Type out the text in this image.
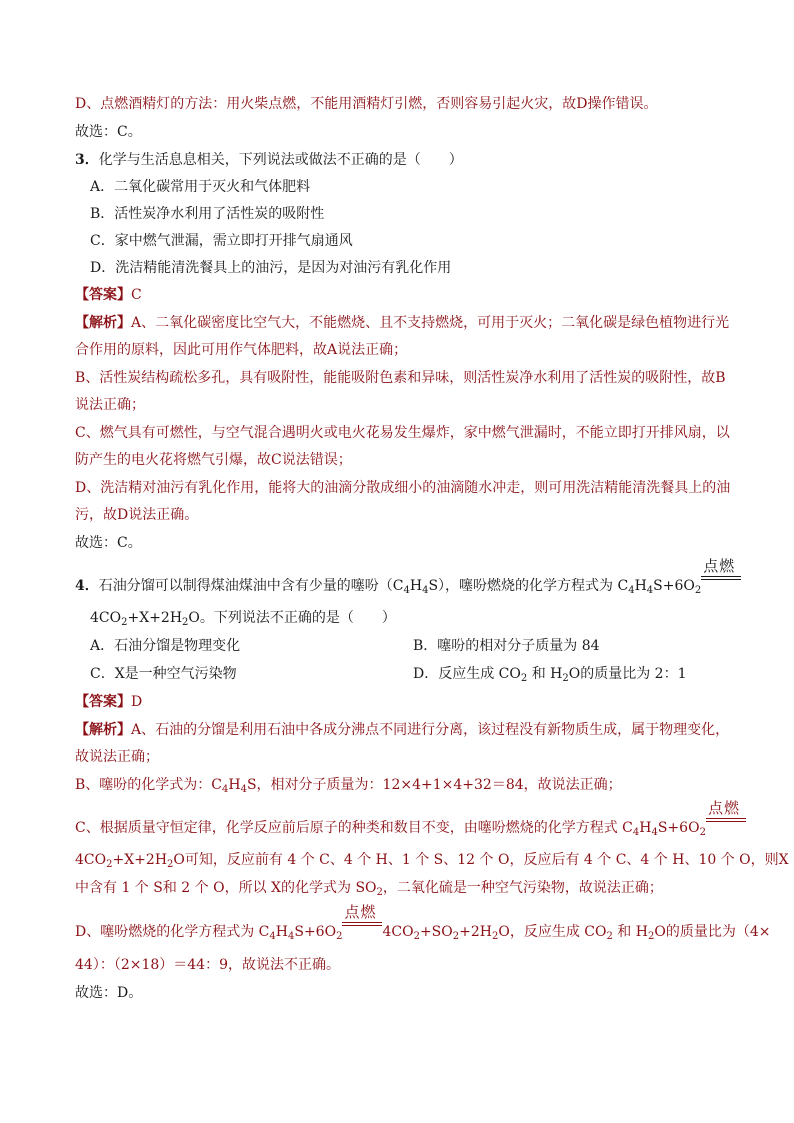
D、点燃酒精灯的方法：用火柴点燃，不能用酒精灯引燃，否则容易引起火灾，故D操作错误。
故选：C。
3．化学与生活息息相关，下列说法或做法不正确的是（　　）
A．二氧化碳常用于灭火和气体肥料
B．活性炭净水利用了活性炭的吸附性
C．家中燃气泄漏，需立即打开排气扇通风
D．洗洁精能清洗餐具上的油污，是因为对油污有乳化作用
【答案】C
【解析】A、二氧化碳密度比空气大，不能燃烧、且不支持燃烧，可用于灭火；二氧化碳是绿色植物进行光
合作用的原料，因此可用作气体肥料，故A说法正确；
B、活性炭结构疏松多孔，具有吸附性，能能吸附色素和异味，则活性炭净水利用了活性炭的吸附性，故B
说法正确；
C、燃气具有可燃性，与空气混合遇明火或电火花易发生爆炸，家中燃气泄漏时，不能立即打开排风扇，以
防产生的电火花将燃气引爆，故C说法错误；
D、洗洁精对油污有乳化作用，能将大的油滴分散成细小的油滴随水冲走，则可用洗洁精能清洗餐具上的油
污，故D说法正确。
故选：C。
4．石油分馏可以制得煤油煤油中含有少量的噻吩$(C_4H_4S)$，噻吩燃烧的化学方程式为 $C_4H_4S+6O_2$
点燃
$4CO_2+X+2H_2O$。下列说法不正确的是（　　）
A．石油分馏是物理变化	B．噻吩的相对分子质量为 84
C．X是一种空气污染物	D．反应生成 $CO_2$ 和 $H_2O$的质量比为 2：1
【答案】D
【解析】A、石油的分馏是利用石油中各成分沸点不同进行分离，该过程没有新物质生成，属于物理变化，
故说法正确；
B、噻吩的化学式为：$C_4H_4S$，相对分子质量为：12×4+1×4+32＝84，故说法正确；
C、根据质量守恒定律，化学反应前后原子的种类和数目不变，由噻吩燃烧的化学方程式 $C_4H_4S+6O_2$
点燃
$4CO_2+X+2H_2O$可知，反应前有 4 个 C、4 个 H、1 个 S、12 个 O，反应后有 4 个 C、4 个 H、10 个 O，则X
中含有 1 个 S和 2 个 O，所以 X的化学式为 $SO_2$，二氧化硫是一种空气污染物，故说法正确；
D、噻吩燃烧的化学方程式为 $C_4H_4S+6O_2$
点燃
$4CO_2+SO_2+2H_2O$，反应生成 $CO_2$ 和 $H_2O$的质量比为（4×
44）：（2×18）＝44：9，故说法不正确。
故选：D。
